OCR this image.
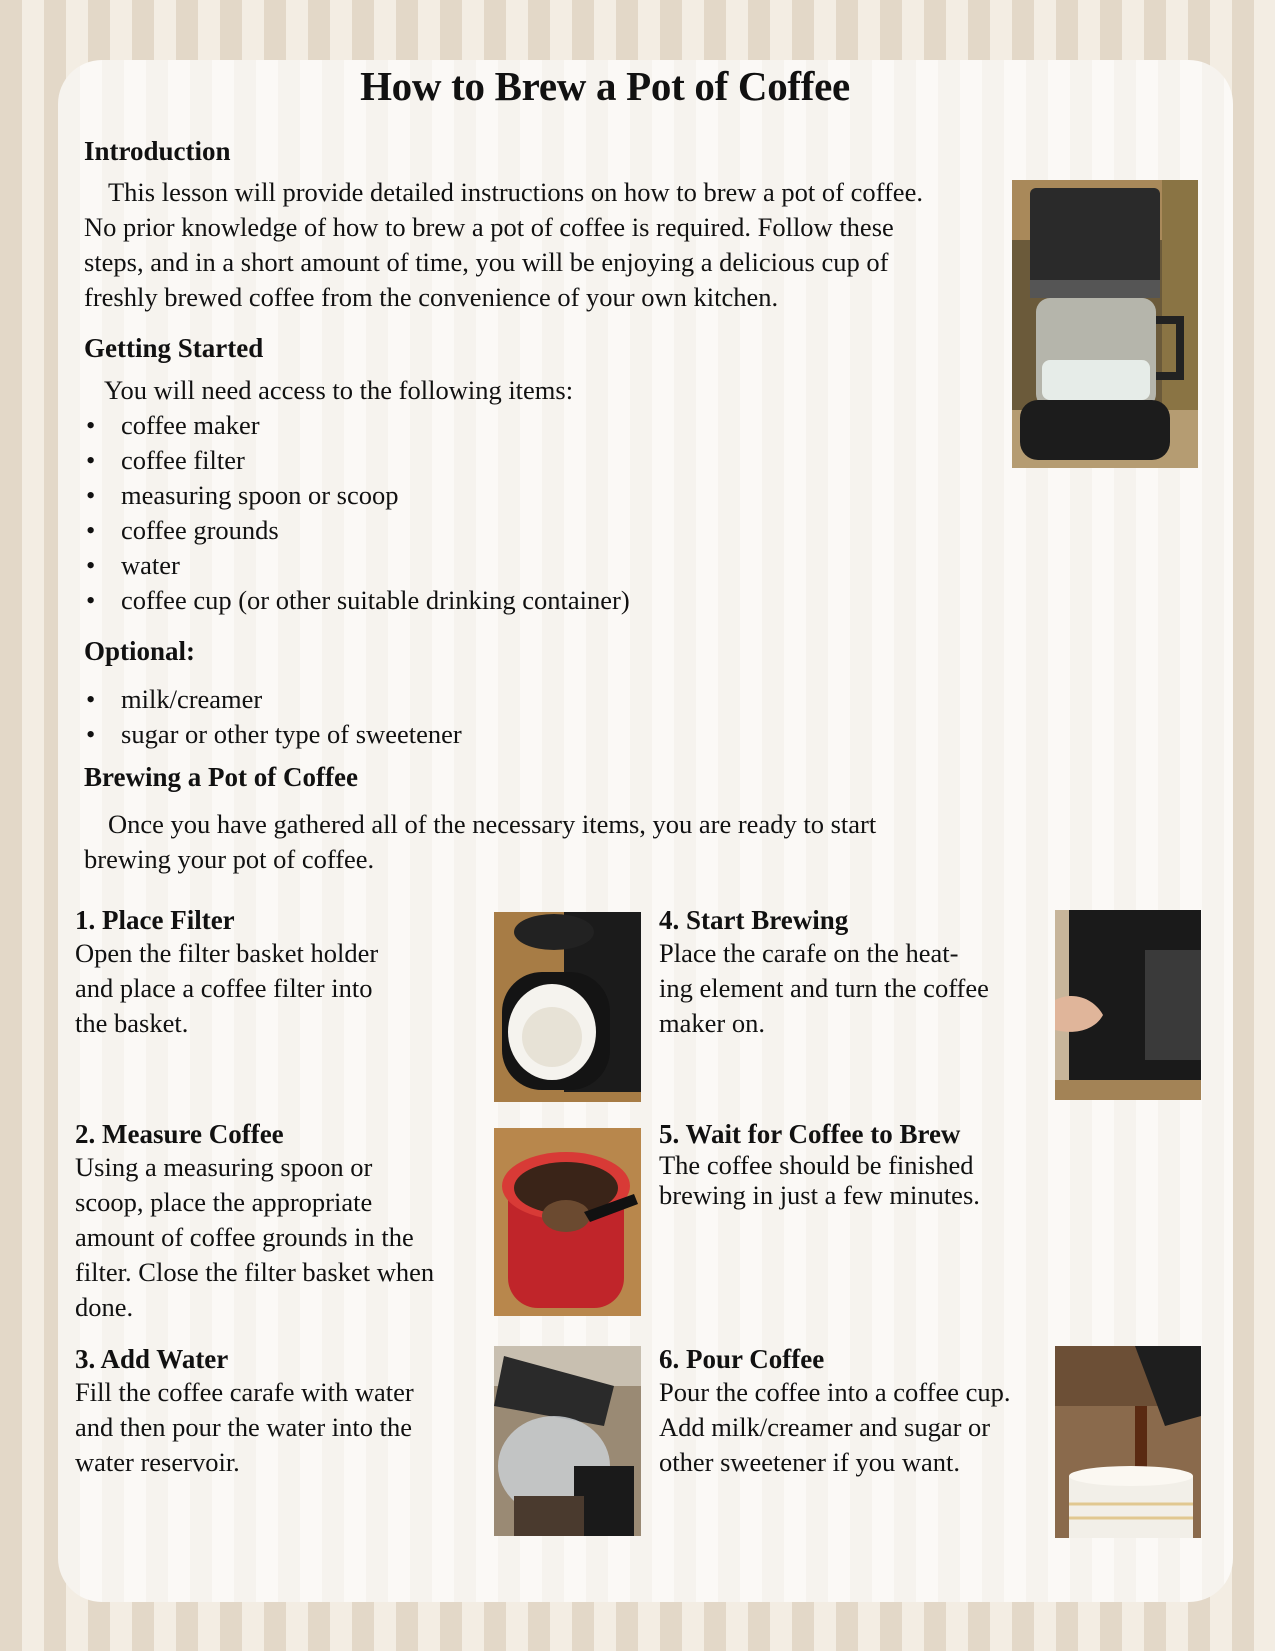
How to Brew a Pot of Coffee
Introduction

This lesson will provide detailed instructions on how to brew a pot of coffee.
No prior knowledge of how to brew a pot of coffee is required. Follow these
steps, and in a short amount of time, you will be enjoying a delicious cup of
freshly brewed coffee from the convenience of your own kitchen.

Getting Started

You will need access to the following items:

• coffee maker
• coffee filter
• measuring spoon or scoop
• coffee grounds
• water
• coffee cup (or other suitable drinking container)
Optional:
• milk/creamer
• sugar or other type of sweetener
Brewing a Pot of Coffee

Once you have gathered all of the necessary items, you are ready to start
brewing your pot of coffee.

1. Place Filter
Open the filter basket holder
and place a coffee filter into
the basket.
2. Measure Coffee
Using a measuring spoon or
scoop, place the appropriate
amount of coffee grounds in the
filter. Close the filter basket when
done.
3. Add Water
Fill the coffee carafe with water
and then pour the water into the
water reservoir.
4. Start Brewing
Place the carafe on the heat-
ing element and turn the coffee
maker on.
5. Wait for Coffee to Brew
The coffee should be finished
brewing in just a few minutes.
6. Pour Coffee
Pour the coffee into a coffee cup.
Add milk/creamer and sugar or
other sweetener if you want.
